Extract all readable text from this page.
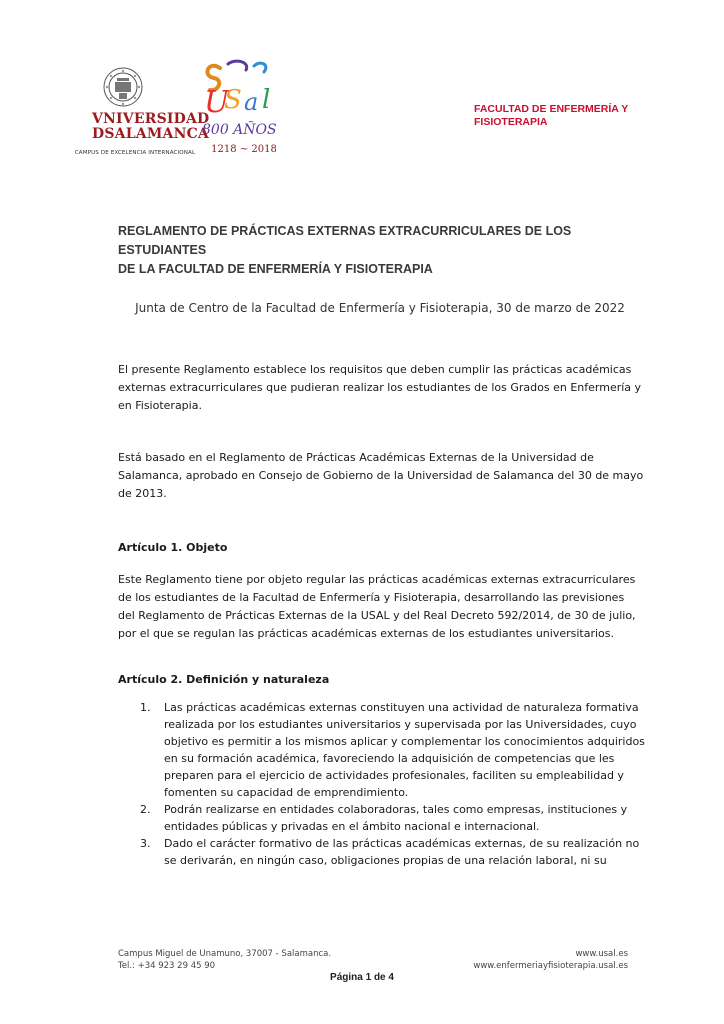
VNIVERSIDAD
DSALAMANCA
CAMPUS DE EXCELENCIA INTERNACIONAL
U
S a l
800 AÑOS
1218 ~ 2018
FACULTAD DE ENFERMERÍA Y
FISIOTERAPIA
REGLAMENTO DE PRÁCTICAS EXTERNAS EXTRACURRICULARES DE LOS ESTUDIANTES
DE LA FACULTAD DE ENFERMERÍA Y FISIOTERAPIA
Junta de Centro de la Facultad de Enfermería y Fisioterapia, 30 de marzo de 2022
El presente Reglamento establece los requisitos que deben cumplir las prácticas académicas
externas extracurriculares que pudieran realizar los estudiantes de los Grados en Enfermería y
en Fisioterapia.
Está basado en el Reglamento de Prácticas Académicas Externas de la Universidad de
Salamanca, aprobado en Consejo de Gobierno de la Universidad de Salamanca del 30 de mayo
de 2013.
Artículo 1. Objeto
Este Reglamento tiene por objeto regular las prácticas académicas externas extracurriculares
de los estudiantes de la Facultad de Enfermería y Fisioterapia, desarrollando las previsiones
del Reglamento de Prácticas Externas de la USAL y del Real Decreto 592/2014, de 30 de julio,
por el que se regulan las prácticas académicas externas de los estudiantes universitarios.
Artículo 2. Definición y naturaleza
1. Las prácticas académicas externas constituyen una actividad de naturaleza formativa
realizada por los estudiantes universitarios y supervisada por las Universidades, cuyo
objetivo es permitir a los mismos aplicar y complementar los conocimientos adquiridos
en su formación académica, favoreciendo la adquisición de competencias que les
preparen para el ejercicio de actividades profesionales, faciliten su empleabilidad y
fomenten su capacidad de emprendimiento.
2. Podrán realizarse en entidades colaboradoras, tales como empresas, instituciones y
entidades públicas y privadas en el ámbito nacional e internacional.
3. Dado el carácter formativo de las prácticas académicas externas, de su realización no
se derivarán, en ningún caso, obligaciones propias de una relación laboral, ni su
Campus Miguel de Unamuno, 37007 - Salamanca.
Tel.: +34 923 29 45 90
www.usal.es
www.enfermeriayfisioterapia.usal.es
Página 1 de 4
